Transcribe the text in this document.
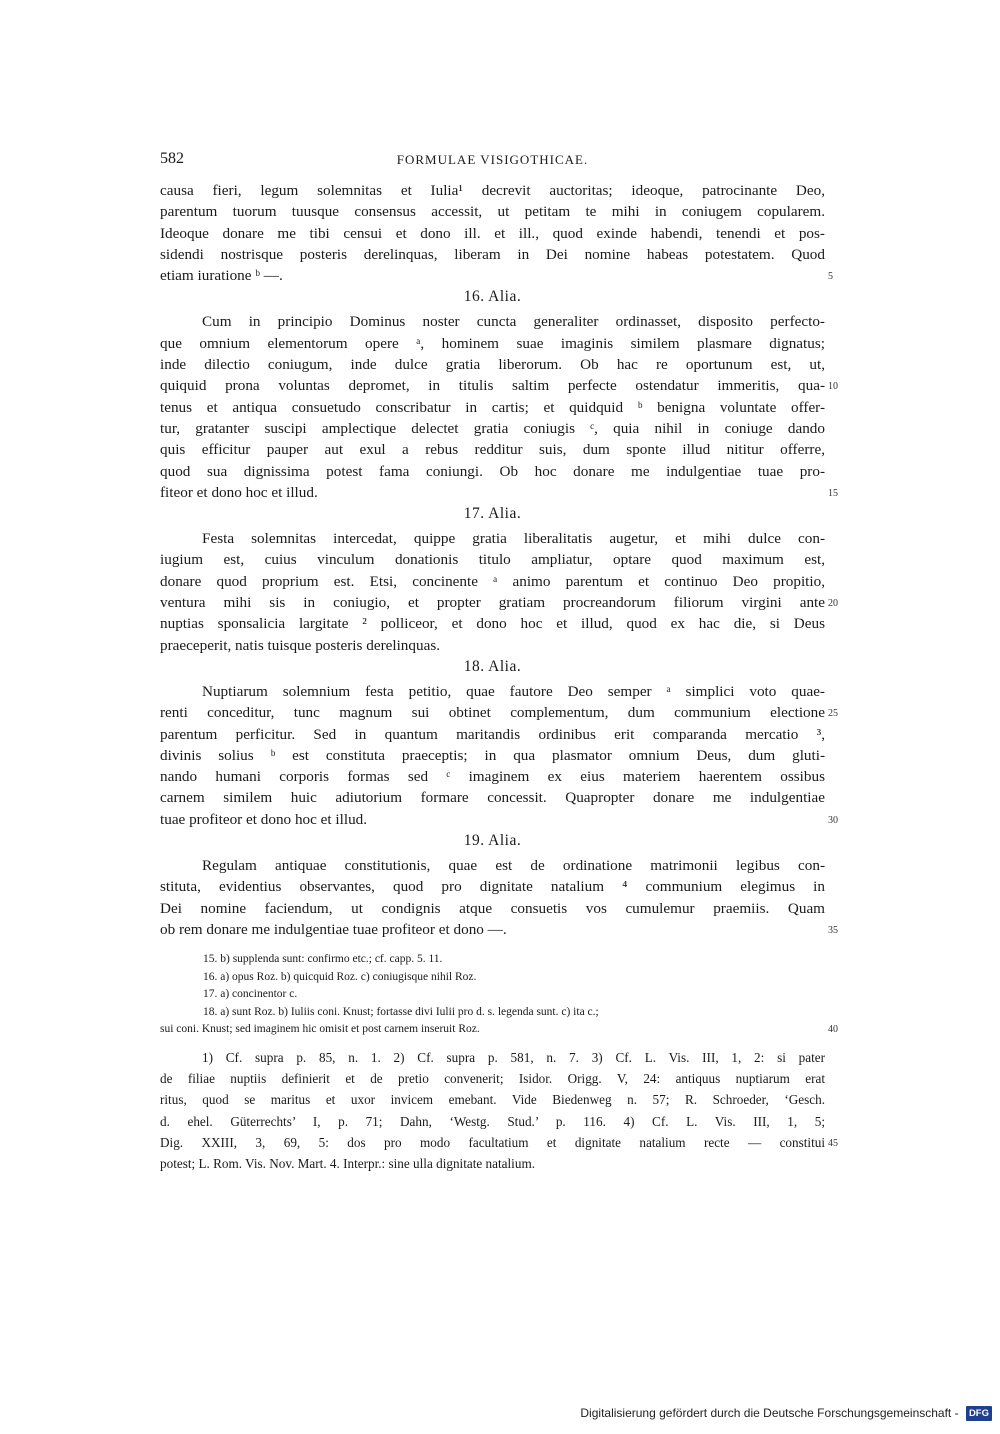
582	FORMULAE VISIGOTHICAE.
causa fieri, legum solemnitas et Iulia¹ decrevit auctoritas; ideoque, patrocinante Deo,
parentum tuorum tuusque consensus accessit, ut petitam te mihi in coniugem copularem.
Ideoque donare me tibi censui et dono ill. et ill., quod exinde habendi, tenendi et pos-
sidendi nostrisque posteris derelinquas, liberam in Dei nomine habeas potestatem. Quod
etiam iuratione ᵇ —.	5
16. Alia.
Cum in principio Dominus noster cuncta generaliter ordinasset, disposito perfecto-
que omnium elementorum opere ᵃ, hominem suae imaginis similem plasmare dignatus;
inde dilectio coniugum, inde dulce gratia liberorum. Ob hac re oportunum est, ut,
quiquid prona voluntas depromet, in titulis saltim perfecte ostendatur immeritis, qua- 10
tenus et antiqua consuetudo conscribatur in cartis; et quidquid ᵇ benigna voluntate offer-
tur, gratanter suscipi amplectique delectet gratia coniugis ᶜ, quia nihil in coniuge dando
quis efficitur pauper aut exul a rebus redditur suis, dum sponte illud nititur offerre,
quod sua dignissima potest fama coniungi. Ob hoc donare me indulgentiae tuae pro-
fiteor et dono hoc et illud.	15
17. Alia.
Festa solemnitas intercedat, quippe gratia liberalitatis augetur, et mihi dulce con-
iugium est, cuius vinculum donationis titulo ampliatur, optare quod maximum est,
donare quod proprium est. Etsi, concinente ᵃ animo parentum et continuo Deo propitio,
ventura mihi sis in coniugio, et propter gratiam procreandorum filiorum virgini ante 20
nuptias sponsalicia largitate ² polliceor, et dono hoc et illud, quod ex hac die, si Deus
praeceperit, natis tuisque posteris derelinquas.
18. Alia.
Nuptiarum solemnium festa petitio, quae fautore Deo semper ᵃ simplici voto quae-
renti conceditur, tunc magnum sui obtinet complementum, dum communium electione 25
parentum perficitur. Sed in quantum maritandis ordinibus erit comparanda mercatio ³,
divinis solius ᵇ est constituta praeceptis; in qua plasmator omnium Deus, dum gluti-
nando humani corporis formas sed ᶜ imaginem ex eius materiem haerentem ossibus
carnem similem huic adiutorium formare concessit. Quapropter donare me indulgentiae
tuae profiteor et dono hoc et illud.	30
19. Alia.
Regulam antiquae constitutionis, quae est de ordinatione matrimonii legibus con-
stituta, evidentius observantes, quod pro dignitate natalium ⁴ communium elegimus in
Dei nomine faciendum, ut condignis atque consuetis vos cumulemur praemiis. Quam
ob rem donare me indulgentiae tuae profiteor et dono —.	35
15. b) supplenda sunt: confirmo etc.; cf. capp. 5. 11.
16. a) opus Roz. b) quicquid Roz. c) coniugisque nihil Roz.
17. a) concinentor c.
18. a) sunt Roz. b) Iuliis coni. Knust; fortasse divi Iulii pro d. s. legenda sunt. c) ita c.;
sui coni. Knust; sed imaginem hic omisit et post carnem inseruit Roz.	40
1) Cf. supra p. 85, n. 1. 2) Cf. supra p. 581, n. 7. 3) Cf. L. Vis. III, 1, 2: si pater
de filiae nuptiis definierit et de pretio convenerit; Isidor. Origg. V, 24: antiquus nuptiarum erat
ritus, quod se maritus et uxor invicem emebant. Vide Biedenweg n. 57; R. Schroeder, ‘Gesch.
d. ehel. Güterrechts’ I, p. 71; Dahn, ‘Westg. Stud.’ p. 116. 4) Cf. L. Vis. III, 1, 5;
Dig. XXIII, 3, 69, 5: dos pro modo facultatium et dignitate natalium recte — constitui 45
potest; L. Rom. Vis. Nov. Mart. 4. Interpr.: sine ulla dignitate natalium.
Digitalisierung gefördert durch die Deutsche Forschungsgemeinschaft - DFG
